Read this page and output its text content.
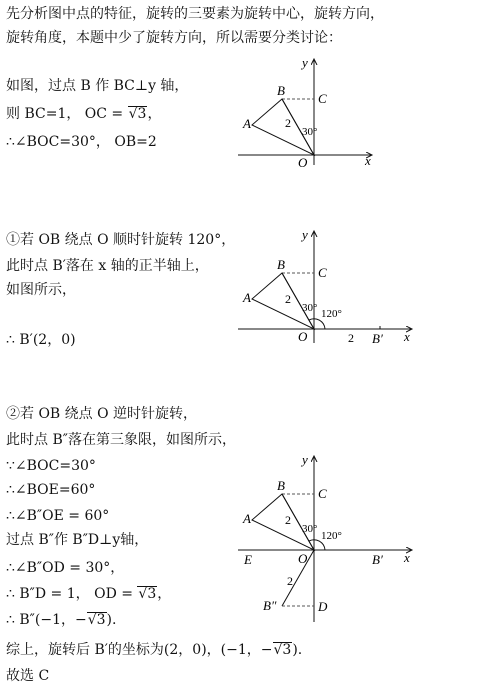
先分析图中点的特征，旋转的三要素为旋转中心，旋转方向，
旋转角度，本题中少了旋转方向，所以需要分类讨论：
如图，过点 B 作 BC⊥y 轴，
则 BC=1， OC = √3，
∴∠BOC=30°， OB=2
x
y
O
B
C
A	2
30°
①若 OB 绕点 O 顺时针旋转 120°，
此时点 B′落在 x 轴的正半轴上，
如图所示，
∴ B′(2，0)	x
y
O
B
C
A	2
30° 120°
2 B′
②若 OB 绕点 O 逆时针旋转，
此时点 B″落在第三象限，如图所示，
∵∠BOC=30°
∴∠BOE=60°
∴∠B″OE = 60°
过点 B″作 B″D⊥y轴，
∴∠B″OD = 30°，
∴ B″D = 1， OD = √3，
∴ B″(−1，−√3).
x
y
O
B
C
A	2
30°
120°
B′
E
2
D
B″
综上，旋转后 B′的坐标为(2，0)，(−1，−√3).
故选 C
